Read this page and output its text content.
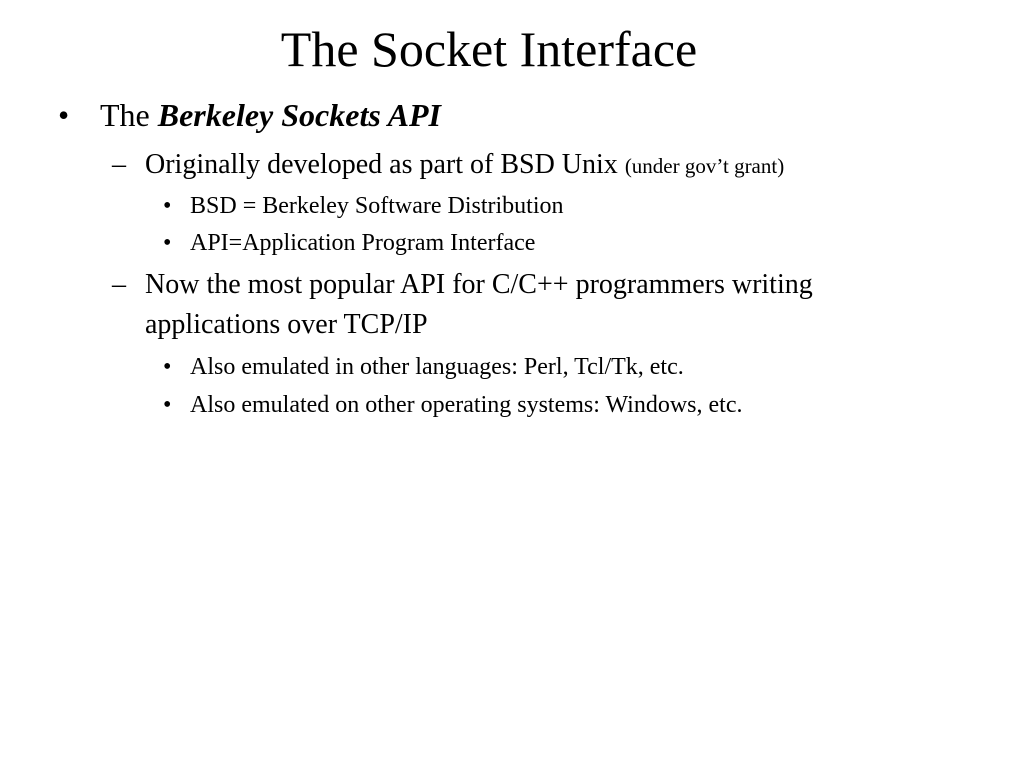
The Socket Interface
• The Berkeley Sockets API
– Originally developed as part of BSD Unix (under gov’t grant)
• BSD = Berkeley Software Distribution
• API=Application Program Interface
– Now the most popular API for C/C++ programmers writing
applications over TCP/IP
• Also emulated in other languages: Perl, Tcl/Tk, etc.
• Also emulated on other operating systems: Windows, etc.
